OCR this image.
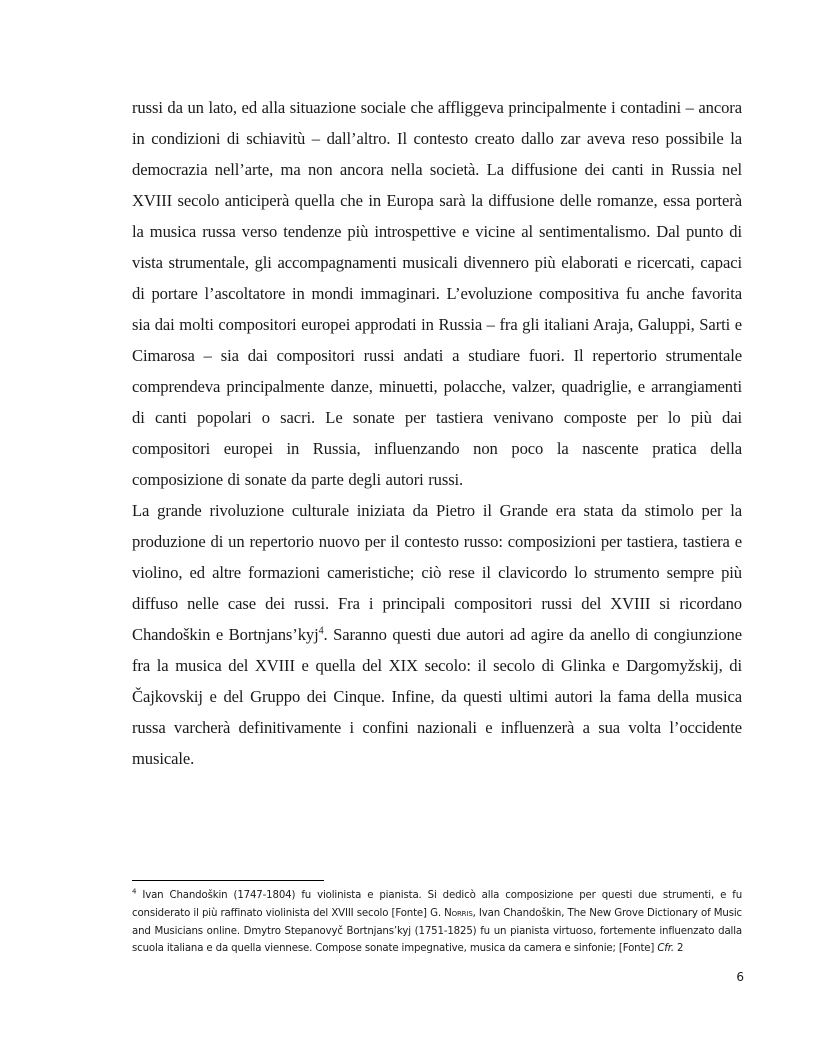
russi da un lato, ed alla situazione sociale che affliggeva principalmente i contadini – ancora in condizioni di schiavitù – dall’altro. Il contesto creato dallo zar aveva reso possibile la democrazia nell’arte, ma non ancora nella società. La diffusione dei canti in Russia nel XVIII secolo anticiperà quella che in Europa sarà la diffusione delle romanze, essa porterà la musica russa verso tendenze più introspettive e vicine al sentimentalismo. Dal punto di vista strumentale, gli accompagnamenti musicali divennero più elaborati e ricercati, capaci di portare l’ascoltatore in mondi immaginari. L’evoluzione compositiva fu anche favorita sia dai molti compositori europei approdati in Russia – fra gli italiani Araja, Galuppi, Sarti e Cimarosa – sia dai compositori russi andati a studiare fuori. Il repertorio strumentale comprendeva principalmente danze, minuetti, polacche, valzer, quadriglie, e arrangiamenti di canti popolari o sacri. Le sonate per tastiera venivano composte per lo più dai compositori europei in Russia, influenzando non poco la nascente pratica della composizione di sonate da parte degli autori russi.

La grande rivoluzione culturale iniziata da Pietro il Grande era stata da stimolo per la produzione di un repertorio nuovo per il contesto russo: composizioni per tastiera, tastiera e violino, ed altre formazioni cameristiche; ciò rese il clavicordo lo strumento sempre più diffuso nelle case dei russi. Fra i principali compositori russi del XVIII si ricordano Chandoškin e Bortnjans’kyj$^4$. Saranno questi due autori ad agire da anello di congiunzione fra la musica del XVIII e quella del XIX secolo: il secolo di Glinka e Dargomyžskij, di Čajkovskij e del Gruppo dei Cinque. Infine, da questi ultimi autori la fama della musica russa varcherà definitivamente i confini nazionali e influenzerà a sua volta l’occidente musicale.

$^4$ Ivan Chandoškin (1747-1804) fu violinista e pianista. Si dedicò alla composizione per questi due strumenti, e fu considerato il più raffinato violinista del XVIII secolo [Fonte] G. Norris, Ivan Chandoškin, The New Grove Dictionary of Music and Musicians online. Dmytro Stepanovyč Bortnjans’kyj (1751-1825) fu un pianista virtuoso, fortemente influenzato dalla scuola italiana e da quella viennese. Compose sonate impegnative, musica da camera e sinfonie; [Fonte] Cfr. 2

6
